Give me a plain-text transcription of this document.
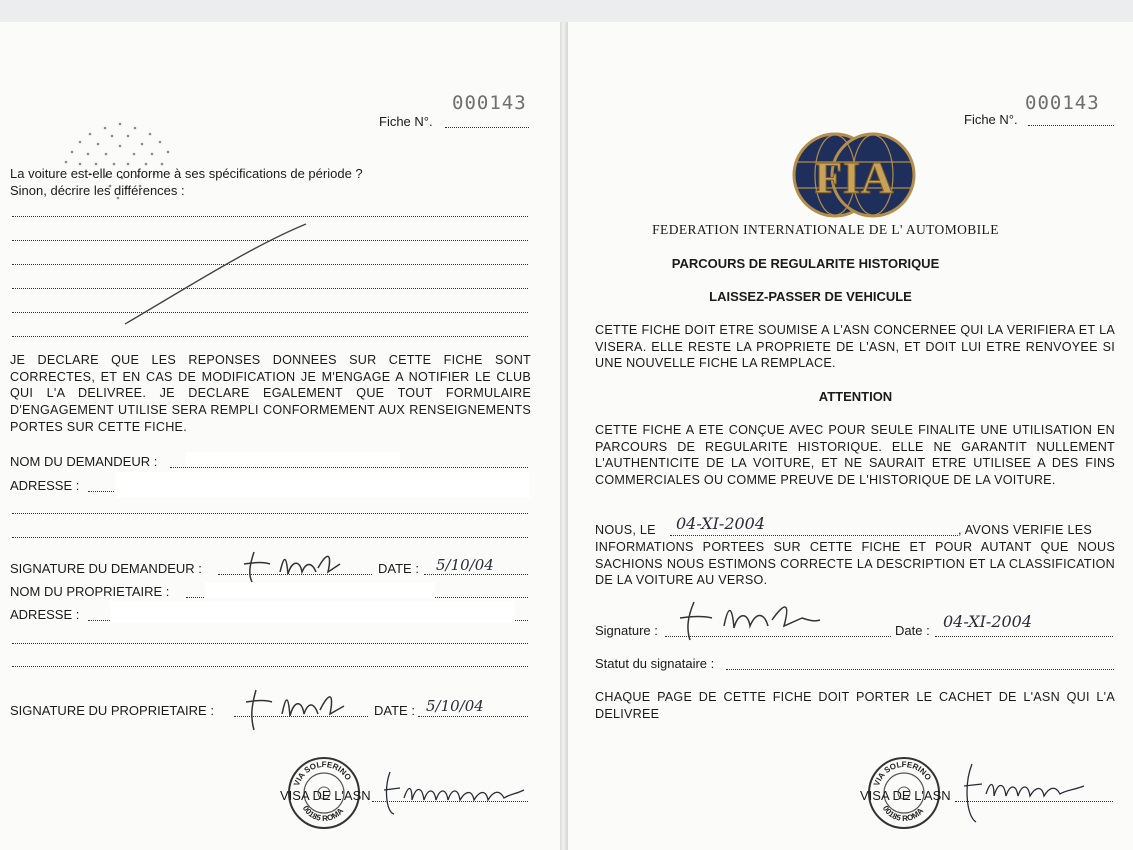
000143
Fiche N°.
La voiture est-elle conforme à ses spécifications de période ?
Sinon, décrire les différences :
JE DECLARE QUE LES REPONSES DONNEES SUR CETTE FICHE SONT CORRECTES, ET EN CAS DE MODIFICATION JE M'ENGAGE A NOTIFIER LE CLUB QUI L'A DELIVREE. JE DECLARE EGALEMENT QUE TOUT FORMULAIRE D'ENGAGEMENT UTILISE SERA REMPLI CONFORMEMENT AUX RENSEIGNEMENTS PORTES SUR CETTE FICHE.
NOM DU DEMANDEUR :
ADRESSE :
SIGNATURE DU DEMANDEUR :	DATE : 5/10/04
NOM DU PROPRIETAIRE :
ADRESSE :
SIGNATURE DU PROPRIETAIRE :	DATE : 5/10/04
VIA SOLFERINO
00185 ROMA
VISA DE L'ASN
000143
Fiche N°.
FIA
FEDERATION INTERNATIONALE DE L' AUTOMOBILE
PARCOURS DE REGULARITE HISTORIQUE
LAISSEZ-PASSER DE VEHICULE
CETTE FICHE DOIT ETRE SOUMISE A L'ASN CONCERNEE QUI LA VERIFIERA ET LA VISERA. ELLE RESTE LA PROPRIETE DE L'ASN, ET DOIT LUI ETRE RENVOYEE SI UNE NOUVELLE FICHE LA REMPLACE.
ATTENTION
CETTE FICHE A ETE CONÇUE AVEC POUR SEULE FINALITE UNE UTILISATION EN PARCOURS DE REGULARITE HISTORIQUE. ELLE NE GARANTIT NULLEMENT L'AUTHENTICITE DE LA VOITURE, ET NE SAURAIT ETRE UTILISEE A DES FINS COMMERCIALES OU COMME PREUVE DE L'HISTORIQUE DE LA VOITURE.
NOUS, LE 04-XI-2004	, AVONS VERIFIE LES
INFORMATIONS PORTEES SUR CETTE FICHE ET POUR AUTANT QUE NOUS SACHIONS NOUS ESTIMONS CORRECTE LA DESCRIPTION ET LA CLASSIFICATION DE LA VOITURE AU VERSO.
Signature :	Date : 04-XI-2004
Statut du signataire :
CHAQUE PAGE DE CETTE FICHE DOIT PORTER LE CACHET DE L'ASN QUI L'A DELIVREE
VIA SOLFERINO
00185 ROMA
VISA DE L'ASN
